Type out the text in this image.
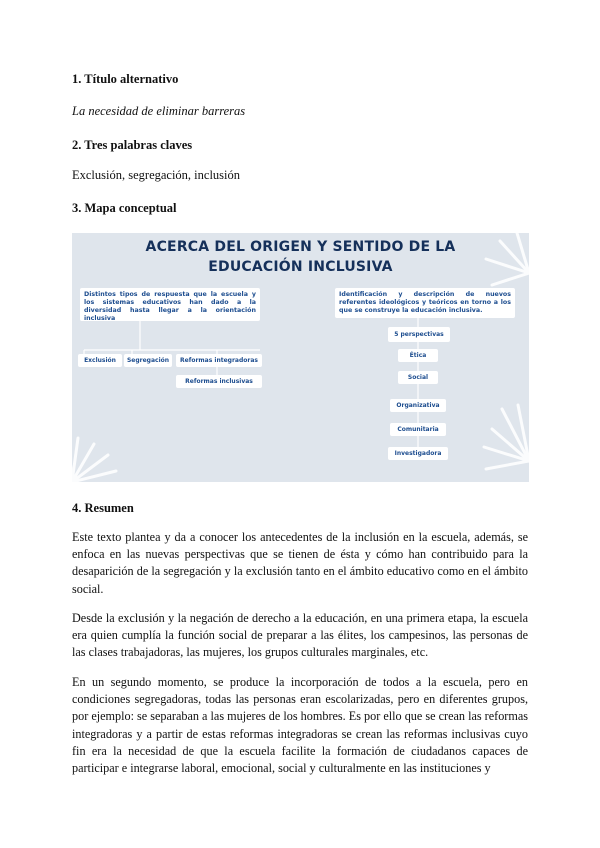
1. Título alternativo
La necesidad de eliminar barreras
2. Tres palabras claves
Exclusión, segregación, inclusión
3. Mapa conceptual
ACERCA DEL ORIGEN Y SENTIDO DE LA
EDUCACIÓN INCLUSIVA
Distintos tipos de respuesta que la escuela y los sistemas educativos han dado a la diversidad hasta llegar a la orientación inclusiva
Identificación y descripción de nuevos referentes ideológicos y teóricos en torno a los que se construye la educación inclusiva.
Exclusión	Segregación	Reformas integradoras
Reformas inclusivas
5 perspectivas
Ética
Social
Organizativa
Comunitaria
Investigadora
4. Resumen

Este texto plantea y da a conocer los antecedentes de la inclusión en la escuela, además, se enfoca en las nuevas perspectivas que se tienen de ésta y cómo han contribuido para la desaparición de la segregación y la exclusión tanto en el ámbito educativo como en el ámbito social.

Desde la exclusión y la negación de derecho a la educación, en una primera etapa, la escuela era quien cumplía la función social de preparar a las élites, los campesinos, las personas de las clases trabajadoras, las mujeres, los grupos culturales marginales, etc.

En un segundo momento, se produce la incorporación de todos a la escuela, pero en condiciones segregadoras, todas las personas eran escolarizadas, pero en diferentes grupos, por ejemplo: se separaban a las mujeres de los hombres. Es por ello que se crean las reformas integradoras y a partir de estas reformas integradoras se crean las reformas inclusivas cuyo fin era la necesidad de que la escuela facilite la formación de ciudadanos capaces de participar e integrarse laboral, emocional, social y culturalmente en las instituciones y
